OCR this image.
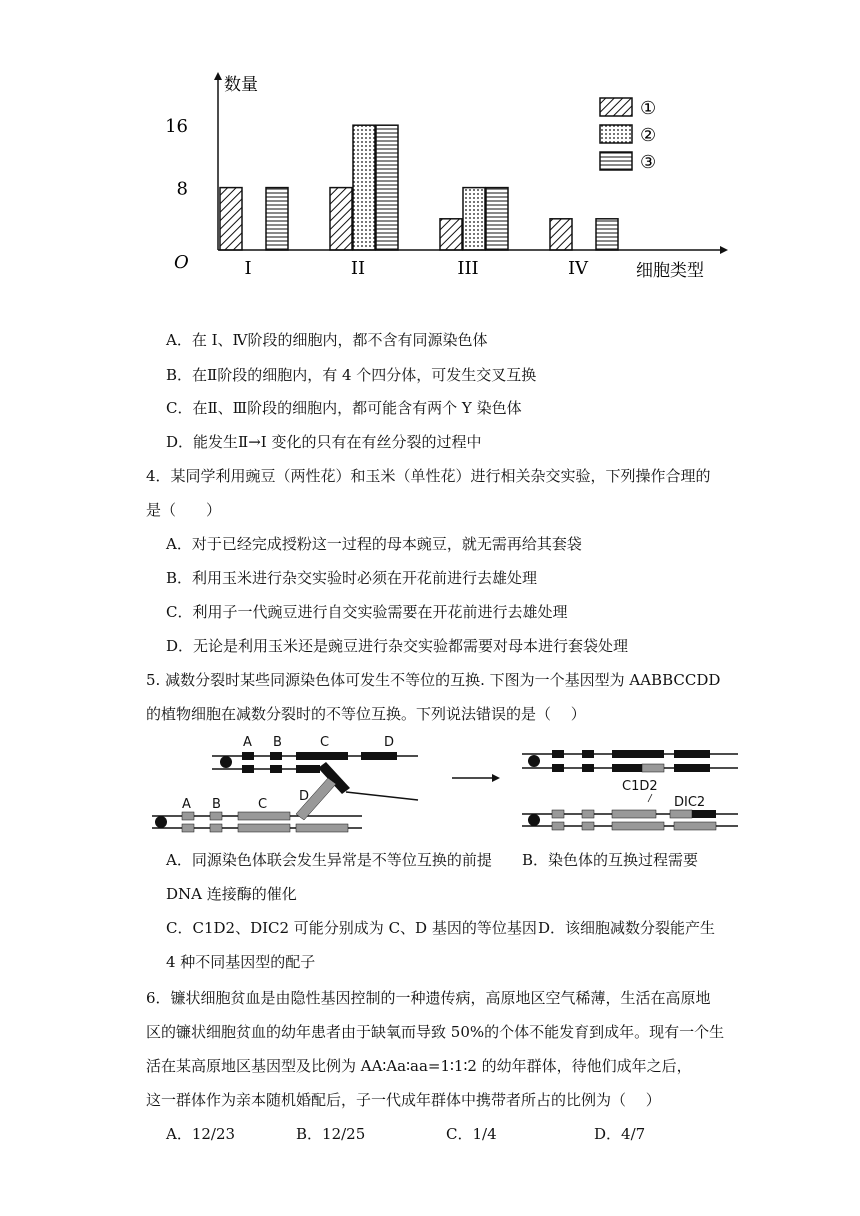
数量
细胞类型
O
16
8
I	II	III	IV
①
②
③
A．在 I、Ⅳ阶段的细胞内，都不含有同源染色体
B．在Ⅱ阶段的细胞内，有 4 个四分体，可发生交叉互换
C．在Ⅱ、Ⅲ阶段的细胞内，都可能含有两个 Y 染色体
D．能发生Ⅱ→I 变化的只有在有丝分裂的过程中
4．某同学利用豌豆（两性花）和玉米（单性花）进行相关杂交实验，下列操作合理的
是（　　）
A．对于已经完成授粉这一过程的母本豌豆，就无需再给其套袋
B．利用玉米进行杂交实验时必须在开花前进行去雄处理
C．利用子一代豌豆进行自交实验需要在开花前进行去雄处理
D．无论是利用玉米还是豌豆进行杂交实验都需要对母本进行套袋处理
5. 减数分裂时某些同源染色体可发生不等位的互换. 下图为一个基因型为 AABBCCDD
的植物细胞在减数分裂时的不等位互换。下列说法错误的是（　 ）
A B	C	D
A B	C
D
C1D2
DIC2
A．同源染色体联会发生异常是不等位互换的前提 B．染色体的互换过程需要
DNA 连接酶的催化
C．C1D2、DIC2 可能分别成为 C、D 基因的等位基因 D．该细胞减数分裂能产生
4 种不同基因型的配子
6．镰状细胞贫血是由隐性基因控制的一种遗传病，高原地区空气稀薄，生活在高原地
区的镰状细胞贫血的幼年患者由于缺氧而导致 50%的个体不能发育到成年。现有一个生
活在某高原地区基因型及比例为 AA∶Aa∶aa=1∶1∶2 的幼年群体，待他们成年之后，
这一群体作为亲本随机婚配后，子一代成年群体中携带者所占的比例为（　 ）
A．12/23	B．12/25	C．1/4	D．4/7
